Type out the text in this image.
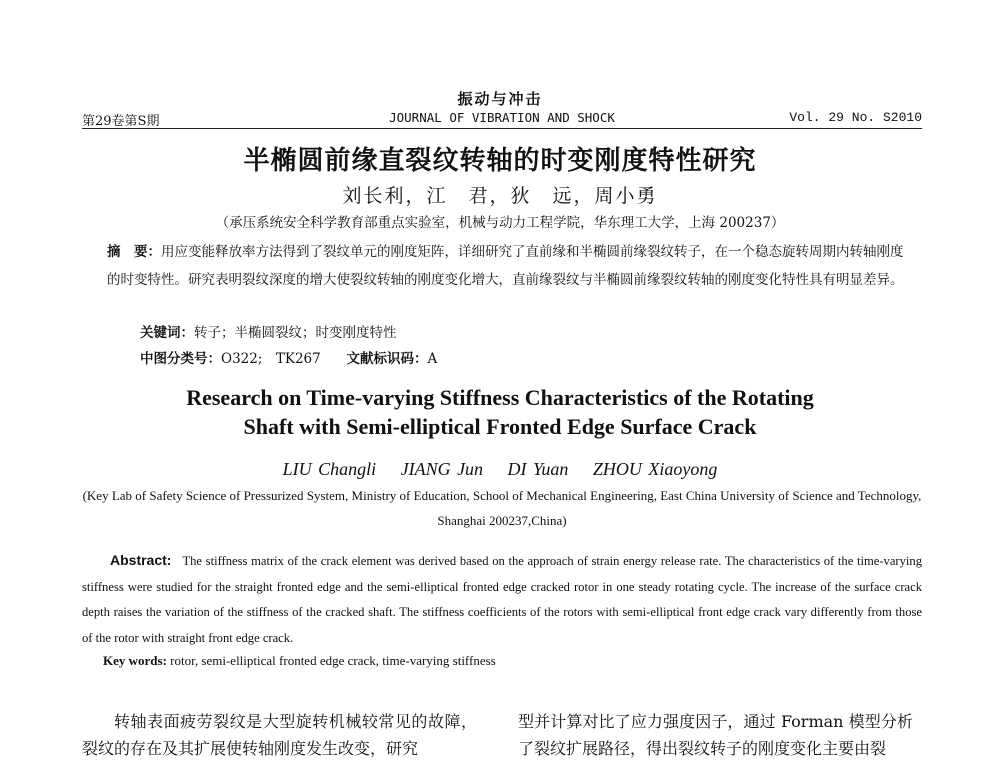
振动与冲击
第29卷第S期	JOURNAL OF VIBRATION AND SHOCK	Vol. 29 No. S2010
半椭圆前缘直裂纹转轴的时变刚度特性研究
刘长利，江　君，狄　远，周小勇
（承压系统安全科学教育部重点实验室，机械与动力工程学院，华东理工大学，上海 200237）
摘　要：用应变能释放率方法得到了裂纹单元的刚度矩阵，详细研究了直前缘和半椭圆前缘裂纹转子，在一个稳态旋转周期内转轴刚度的时变特性。研究表明裂纹深度的增大使裂纹转轴的刚度变化增大，直前缘裂纹与半椭圆前缘裂纹转轴的刚度变化特性具有明显差异。
关键词：转子；半椭圆裂纹；时变刚度特性
中图分类号：O322;　TK267 文献标识码：A
Research on Time-varying Stiffness Characteristics of the Rotating Shaft with Semi-elliptical Fronted Edge Surface Crack
LIU Changli　 JIANG Jun　 DI Yuan　 ZHOU Xiaoyong
(Key Lab of Safety Science of Pressurized System, Ministry of Education, School of Mechanical Engineering, East China University of Science and Technology, Shanghai 200237,China)
Abstract: The stiffness matrix of the crack element was derived based on the approach of strain energy release rate. The characteristics of the time-varying stiffness were studied for the straight fronted edge and the semi-elliptical fronted edge cracked rotor in one steady rotating cycle. The increase of the surface crack depth raises the variation of the stiffness of the cracked shaft. The stiffness coefficients of the rotors with semi-elliptical front edge crack vary differently from those of the rotor with straight front edge crack.
Key words: rotor, semi-elliptical fronted edge crack, time-varying stiffness
转轴表面疲劳裂纹是大型旋转机械较常见的故障，裂纹的存在及其扩展使转轴刚度发生改变，研究
型并计算对比了应力强度因子，通过 Forman 模型分析了裂纹扩展路径，得出裂纹转子的刚度变化主要由裂
